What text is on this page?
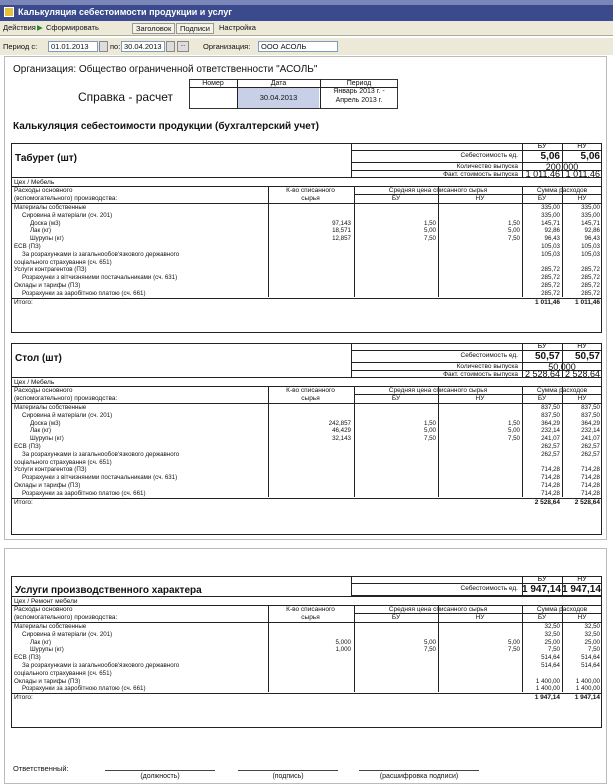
Калькуляция себестоимости продукции и услуг
Действия ▶ Сформировать	Заголовок	Подписи	Настройка
Период с:	01.01.2013	по: 30.04.2013	...	Организация:	ООО АСОЛЬ
Организация: Общество ограниченной ответственности "АСОЛЬ"
Справка - расчет
Номер	Дата	Период
30.04.2013
Январь 2013 г. -
Апрель 2013 г.
Калькуляция себестоимости продукции (бухгалтерский учет)
БУ	НУ
Табурет (шт)	Себестоимость ед.	5,06	5,06
Количество выпуска	200,000
Факт. стоимость выпуска 1 011,46 1 011,46
Цех / Мебель
Расходы основного
(вспомогательного) производства:
К-во списанного
сырья
Средняя цена списанного сырья	Сумма расходов
БУ	НУ	БУ	НУ
Материалы собственные	335,00	335,00
Сировина й матеріали (сч. 201)	335,00	335,00
Доска (м3)	97,143	1,50	1,50	145,71	145,71
Лак (кг)	18,571	5,00	5,00	92,86	92,86
Шурупы (кг)	12,857	7,50	7,50	96,43	96,43
ЕСВ (ПЗ)	105,03	105,03
За розрахунками із загальнообов'язкового державного	105,03	105,03
соціального страхування (сч. 651)
Услуги контрагентов (ПЗ)	285,72	285,72
Розрахунки з вітчизняними постачальниками (сч. 631)	285,72	285,72
Оклады и тарифы (ПЗ)	285,72	285,72
Розрахунки за заробітною платою (сч. 661)	285,72	285,72
Итого:	1 011,46	1 011,46
БУ	НУ
Стол (шт)	Себестоимость ед.	50,57	50,57
Количество выпуска	50,000
Факт. стоимость выпуска 2 528,64 2 528,64
Цех / Мебель
Расходы основного
(вспомогательного) производства:
К-во списанного
сырья
Средняя цена списанного сырья	Сумма расходов
БУ	НУ	БУ	НУ
Материалы собственные	837,50	837,50
Сировина й матеріали (сч. 201)	837,50	837,50
Доска (м3)	242,857	1,50	1,50	364,29	364,29
Лак (кг)	46,429	5,00	5,00	232,14	232,14
Шурупы (кг)	32,143	7,50	7,50	241,07	241,07
ЕСВ (ПЗ)	262,57	262,57
За розрахунками із загальнообов'язкового державного	262,57	262,57
соціального страхування (сч. 651)
Услуги контрагентов (ПЗ)	714,28	714,28
Розрахунки з вітчизняними постачальниками (сч. 631)	714,28	714,28
Оклады и тарифы (ПЗ)	714,28	714,28
Розрахунки за заробітною платою (сч. 661)	714,28	714,28
Итого:	2 528,64	2 528,64
БУ	НУ
Услуги производственного характера	Себестоимость ед. 1 947,14 1 947,14
Цех / Ремонт мебели
Расходы основного
(вспомогательного) производства:
К-во списанного
сырья
Средняя цена списанного сырья	Сумма расходов
БУ	НУ	БУ	НУ
Материалы собственные	32,50	32,50
Сировина й матеріали (сч. 201)	32,50	32,50
Лак (кг)	5,000	5,00	5,00	25,00	25,00
Шурупы (кг)	1,000	7,50	7,50	7,50	7,50
ЕСВ (ПЗ)	514,64	514,64
За розрахунками із загальнообов'язкового державного	514,64	514,64
соціального страхування (сч. 651)
Оклады и тарифы (ПЗ)	1 400,00	1 400,00
Розрахунки за заробітною платою (сч. 661)	1 400,00	1 400,00
Итого:	1 947,14	1 947,14
Ответственный:
(должность)	(подпись)	(расшифровка подписи)
